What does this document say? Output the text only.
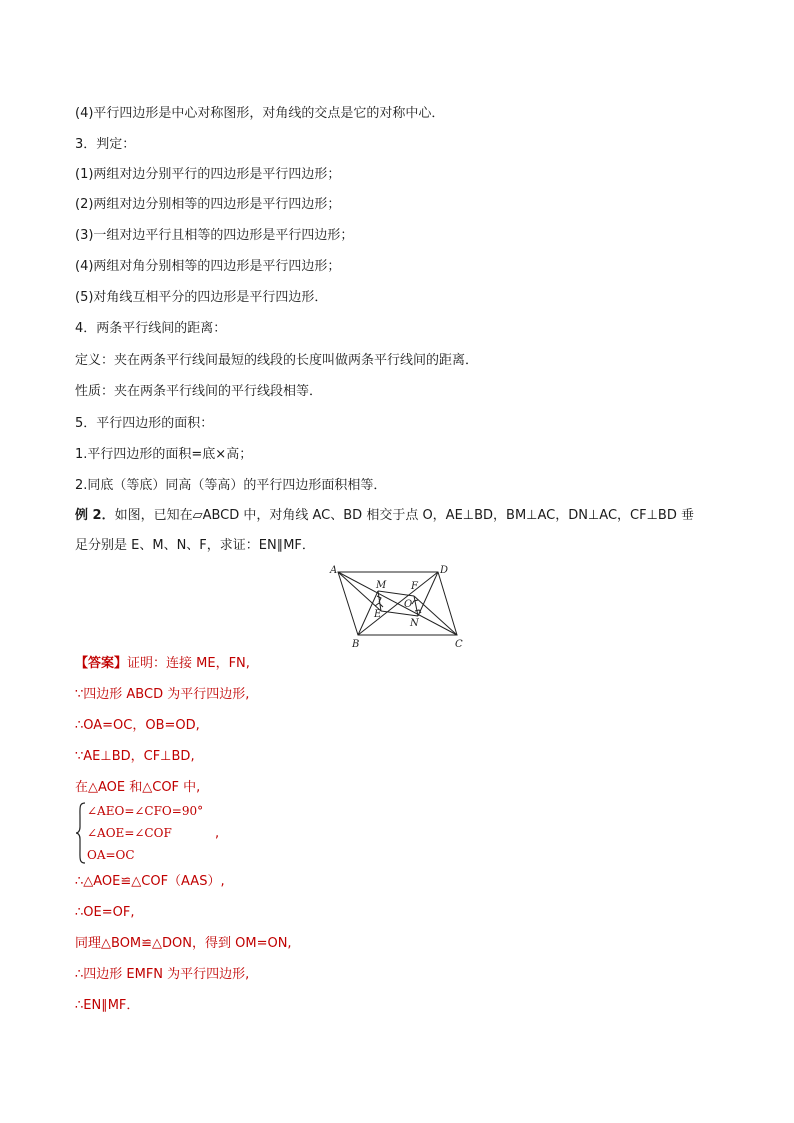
(4)平行四边形是中心对称图形，对角线的交点是它的对称中心．
3．判定：
(1)两组对边分别平行的四边形是平行四边形；
(2)两组对边分别相等的四边形是平行四边形；
(3)一组对边平行且相等的四边形是平行四边形；
(4)两组对角分别相等的四边形是平行四边形；
(5)对角线互相平分的四边形是平行四边形．
4．两条平行线间的距离：
定义：夹在两条平行线间最短的线段的长度叫做两条平行线间的距离．
性质：夹在两条平行线间的平行线段相等．
5．平行四边形的面积：
1.平行四边形的面积=底×高；
2.同底（等底）同高（等高）的平行四边形面积相等．
例 2．如图，已知在▱ABCD 中，对角线 AC、BD 相交于点 O，AE⊥BD，BM⊥AC，DN⊥AC，CF⊥BD 垂
足分别是 E、M、N、F，求证：EN∥MF．
A	D
B	C
M F
O
E
N
【答案】证明：连接 ME，FN,
∵四边形 ABCD 为平行四边形,
∴OA=OC，OB=OD,
∵AE⊥BD，CF⊥BD,
在△AOE 和△COF 中,
∠AEO=∠CFO=90°
∠AOE=∠COF
OA=OC
,
∴△AOE≌△COF（AAS）,
∴OE=OF,
同理△BOM≌△DON，得到 OM=ON,
∴四边形 EMFN 为平行四边形,
∴EN∥MF．
